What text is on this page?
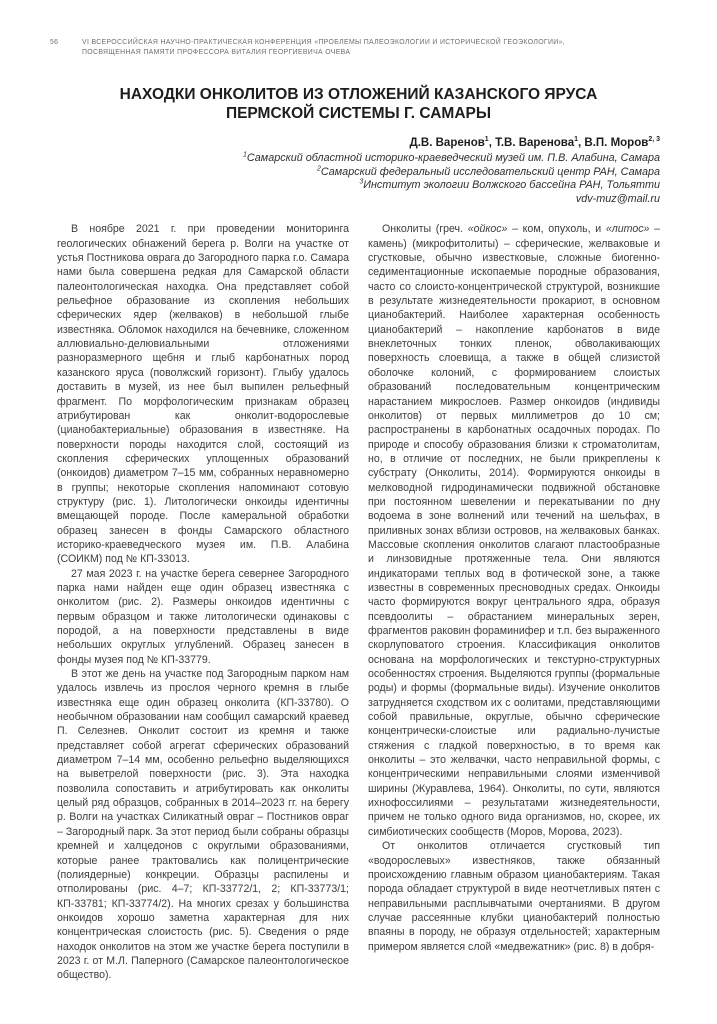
56	VI ВСЕРОССИЙСКАЯ НАУЧНО-ПРАКТИЧЕСКАЯ КОНФЕРЕНЦИЯ «ПРОБЛЕМЫ ПАЛЕОЭКОЛОГИИ И ИСТОРИЧЕСКОЙ ГЕОЭКОЛОГИИ»,
ПОСВЯЩЕННАЯ ПАМЯТИ ПРОФЕССОРА ВИТАЛИЯ ГЕОРГИЕВИЧА ОЧЕВА
НАХОДКИ ОНКОЛИТОВ ИЗ ОТЛОЖЕНИЙ КАЗАНСКОГО ЯРУСА
ПЕРМСКОЙ СИСТЕМЫ Г. САМАРЫ
Д.В. Варенов$^1$, Т.В. Варенова$^1$, В.П. Моров$^{2, 3}$
$^1$Самарский областной историко-краеведческий музей им. П.В. Алабина, Самара
$^2$Самарский федеральный исследовательский центр РАН, Самара
$^3$Институт экологии Волжского бассейна РАН, Тольятти
vdv-muz@mail.ru

В ноябре 2021 г. при проведении мониторинга геологических обнажений берега р. Волги на участке от устья Постникова оврага до Загородного парка г.о. Самара нами была совершена редкая для Самарской области палеонтологическая находка. Она представляет собой рельефное образование из скопления небольших сферических ядер (желваков) в небольшой глыбе известняка. Обломок находился на бечевнике, сложенном аллювиально-делювиальными отложениями разноразмерного щебня и глыб карбонатных пород казанского яруса (поволжский горизонт). Глыбу удалось доставить в музей, из нее был выпилен рельефный фрагмент. По морфологическим признакам образец атрибутирован как онколит-водорослевые (цианобактериальные) образования в известняке. На поверхности породы находится слой, состоящий из скопления сферических уплощенных образований (онкоидов) диаметром 7–15 мм, собранных неравномерно в группы; некоторые скопления напоминают сотовую структуру (рис. 1). Литологически онкоиды идентичны вмещающей породе. После камеральной обработки образец занесен в фонды Самарского областного историко-краеведческого музея им. П.В. Алабина (СОИКМ) под № КП-33013.

27 мая 2023 г. на участке берега севернее Загородного парка нами найден еще один образец известняка с онколитом (рис. 2). Размеры онкоидов идентичны с первым образцом и также литологически одинаковы с породой, а на поверхности представлены в виде небольших округлых углублений. Образец занесен в фонды музея под № КП-33779.

В этот же день на участке под Загородным парком нам удалось извлечь из прослоя черного кремня в глыбе известняка еще один образец онколита (КП-33780). О необычном образовании нам сообщил самарский краевед П. Селезнев. Онколит состоит из кремня и также представляет собой агрегат сферических образований диаметром 7–14 мм, особенно рельефно выделяющихся на выветрелой поверхности (рис. 3). Эта находка позволила сопоставить и атрибутировать как онколиты целый ряд образцов, собранных в 2014–2023 гг. на берегу р. Волги на участках Силикатный овраг – Постников овраг – Загородный парк. За этот период были собраны образцы кремней и халцедонов с округлыми образованиями, которые ранее трактовались как полицентрические (полиядерные) конкреции. Образцы распилены и отполированы (рис. 4–7; КП-33772/1, 2; КП-33773/1; КП-33781; КП-33774/2). На многих срезах у большинства онкоидов хорошо заметна характерная для них концентрическая слоистость (рис. 5). Сведения о ряде находок онколитов на этом же участке берега поступили в 2023 г. от М.Л. Паперного (Самарское палеонтологическое общество).

Онколиты (греч. «ойкос» – ком, опухоль, и «литос» – камень) (микрофитолиты) – сферические, желваковые и сгустковые, обычно известковые, сложные биогенно-седиментационные ископаемые породные образования, часто со слоисто-концентрической структурой, возникшие в результате жизнедеятельности прокариот, в основном цианобактерий. Наиболее характерная особенность цианобактерий – накопление карбонатов в виде внеклеточных тонких пленок, обволакивающих поверхность слоевища, а также в общей слизистой оболочке колоний, с формированием слоистых образований последовательным концентрическим нарастанием микрослоев. Размер онкоидов (индивиды онколитов) от первых миллиметров до 10 см; распространены в карбонатных осадочных породах. По природе и способу образования близки к строматолитам, но, в отличие от последних, не были прикреплены к субстрату (Онколиты, 2014). Формируются онкоиды в мелководной гидродинамически подвижной обстановке при постоянном шевелении и перекатывании по дну водоема в зоне волнений или течений на шельфах, в приливных зонах вблизи островов, на желваковых банках. Массовые скопления онколитов слагают пластообразные и линзовидные протяженные тела. Они являются индикаторами теплых вод в фотической зоне, а также известны в современных пресноводных средах. Онкоиды часто формируются вокруг центрального ядра, образуя псевдоолиты – обрастанием минеральных зерен, фрагментов раковин фораминифер и т.п. без выраженного скорлуповатого строения. Классификация онколитов основана на морфологических и текстурно-структурных особенностях строения. Выделяются группы (формальные роды) и формы (формальные виды). Изучение онколитов затрудняется сходством их с оолитами, представляющими собой правильные, округлые, обычно сферические концентрически-слоистые или радиально-лучистые стяжения с гладкой поверхностью, в то время как онколиты – это желвачки, часто неправильной формы, с концентрическими неправильными слоями изменчивой ширины (Журавлева, 1964). Онколиты, по сути, являются ихнофоссилиями – результатами жизнедеятельности, причем не только одного вида организмов, но, скорее, их симбиотических сообществ (Моров, Морова, 2023).

От онколитов отличается сгустковый тип «водорослевых» известняков, также обязанный происхождению главным образом цианобактериям. Такая порода обладает структурой в виде неотчетливых пятен с неправильными расплывчатыми очертаниями. В другом случае рассеянные клубки цианобактерий полностью впаяны в породу, не образуя отдельностей; характерным примером является слой «медвежатник» (рис. 8) в добря-
